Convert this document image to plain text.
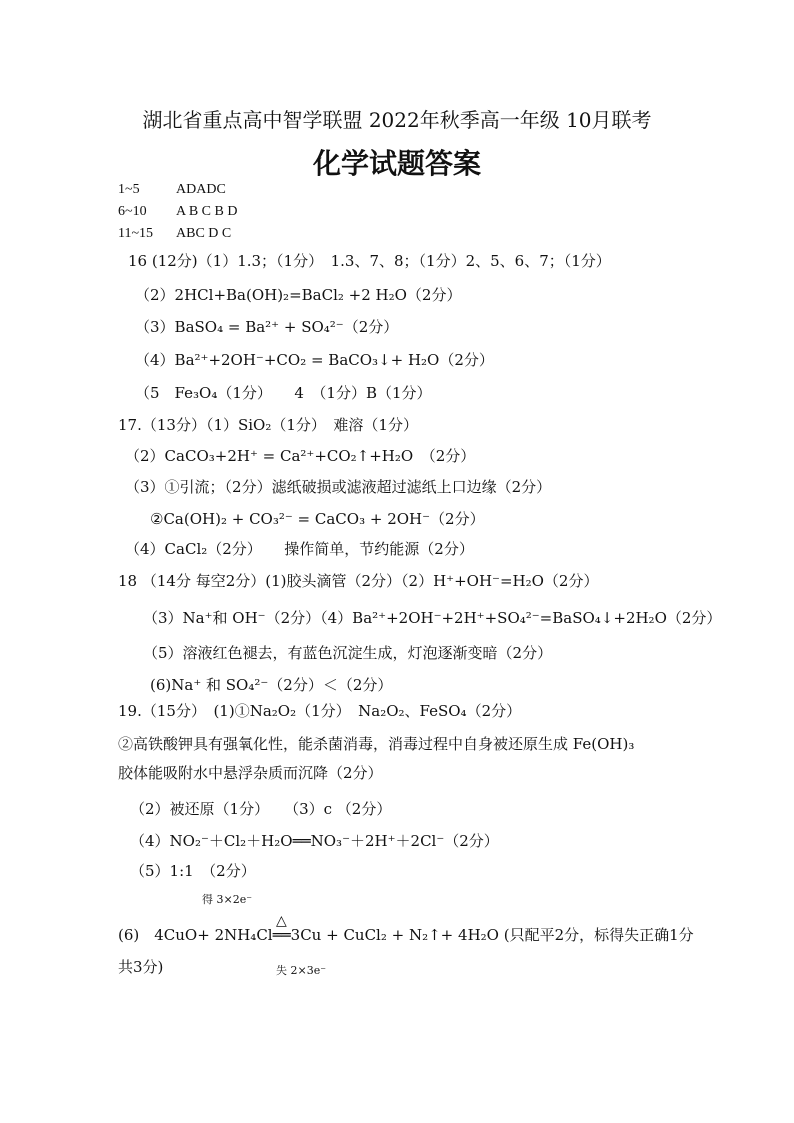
湖北省重点高中智学联盟 2022年秋季高一年级 10月联考
化学试题答案
1~5	ADADC
6~10 A B C B D
11~15 ABC D C
16 (12分)（1）1.3；（1分）　1.3、7、8；（1分）2、5、6、7；（1分）
（2）2HCl+Ba(OH)₂=BaCl₂ +2 H₂O（2分）
（3）BaSO₄ = Ba²⁺ + SO₄²⁻（2分）
（4）Ba²⁺+2OH⁻+CO₂ = BaCO₃↓+ H₂O（2分）
（5　Fe₃O₄（1分）　　4　（1分）B（1分）
17.（13分）（1）SiO₂（1分）　难溶（1分）
（2）CaCO₃+2H⁺ = Ca²⁺+CO₂↑+H₂O　（2分）
（3）①引流；（2分）滤纸破损或滤液超过滤纸上口边缘（2分）
②Ca(OH)₂ + CO₃²⁻ = CaCO₃ + 2OH⁻（2分）
（4）CaCl₂（2分）　　操作简单，节约能源（2分）
18 （14分 每空2分）(1)胶头滴管（2分）（2）H⁺+OH⁻=H₂O（2分）
（3）Na⁺和 OH⁻（2分）（4）Ba²⁺+2OH⁻+2H⁺+SO₄²⁻=BaSO₄↓+2H₂O（2分）
（5）溶液红色褪去，有蓝色沉淀生成，灯泡逐渐变暗（2分）
(6)Na⁺ 和 SO₄²⁻（2分）＜（2分）
19.（15分）　(1)①Na₂O₂（1分）　Na₂O₂、FeSO₄（2分）
②高铁酸钾具有强氧化性，能杀菌消毒，消毒过程中自身被还原生成 Fe(OH)₃
胶体能吸附水中悬浮杂质而沉降（2分）
（2）被还原（1分）　　（3）c （2分）
（4）NO₂⁻＋Cl₂＋H₂O══NO₃⁻＋2H⁺＋2Cl⁻（2分）
（5）1:1　（2分）
得 3×2e⁻
△
(6)　4CuO+ 2NH₄Cl══3Cu + CuCl₂ + N₂↑+ 4H₂O (只配平2分，标得失正确1分
共3分)	失 2×3e⁻
